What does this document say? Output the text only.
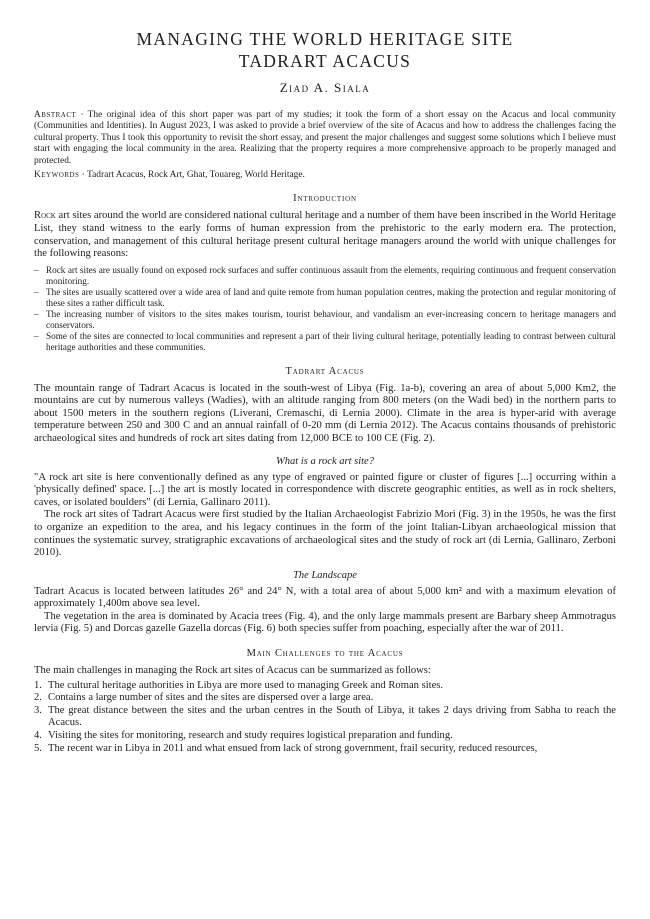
MANAGING THE WORLD HERITAGE SITE
TADRART ACACUS
Ziad A. Siala

Abstract · The original idea of this short paper was part of my studies; it took the form of a short essay on the Acacus and local community (Communities and Identities). In August 2023, I was asked to provide a brief overview of the site of Acacus and how to address the challenges facing the cultural property. Thus I took this opportunity to revisit the short essay, and present the major challenges and suggest some solutions which I believe must start with engaging the local community in the area. Realizing that the property requires a more comprehensive approach to be properly managed and protected.

Keywords · Tadrart Acacus, Rock Art, Ghat, Touareg, World Heritage.

Introduction

Rock art sites around the world are considered national cultural heritage and a number of them have been inscribed in the World Heritage List, they stand witness to the early forms of human expression from the prehistoric to the early modern era. The protection, conservation, and management of this cultural heritage present cultural heritage managers around the world with unique challenges for the following reasons:

– Rock art sites are usually found on exposed rock surfaces and suffer continuous assault from the elements, requiring continuous and frequent conservation monitoring.
– The sites are usually scattered over a wide area of land and quite remote from human population centres, making the protection and regular monitoring of these sites a rather difficult task.
– The increasing number of visitors to the sites makes tourism, tourist behaviour, and vandalism an ever-increasing concern to heritage managers and conservators.
– Some of the sites are connected to local communities and represent a part of their living cultural heritage, potentially leading to contrast between cultural heritage authorities and these communities.
Tadrart Acacus

The mountain range of Tadrart Acacus is located in the south-west of Libya (Fig. 1a-b), covering an area of about 5,000 Km2, the mountains are cut by numerous valleys (Wadies), with an altitude ranging from 800 meters (on the Wadi bed) in the northern parts to about 1500 meters in the southern regions (Liverani, Cremaschi, di Lernia 2000). Climate in the area is hyper-arid with average temperature between 250 and 300 C and an annual rainfall of 0-20 mm (di Lernia 2012). The Acacus contains thousands of prehistoric archaeological sites and hundreds of rock art sites dating from 12,000 BCE to 100 CE (Fig. 2).

What is a rock art site?

"A rock art site is here conventionally defined as any type of engraved or painted figure or cluster of figures [...] occurring within a 'physically defined' space. [...] the art is mostly located in correspondence with discrete geographic entities, as well as in rock shelters, caves, or isolated boulders" (di Lernia, Gallinaro 2011).

The rock art sites of Tadrart Acacus were first studied by the Italian Archaeologist Fabrizio Mori (Fig. 3) in the 1950s, he was the first to organize an expedition to the area, and his legacy continues in the form of the joint Italian-Libyan archaeological mission that continues the systematic survey, stratigraphic excavations of archaeological sites and the study of rock art (di Lernia, Gallinaro, Zerboni 2010).

The Landscape

Tadrart Acacus is located between latitudes 26° and 24° N, with a total area of about 5,000 km² and with a maximum elevation of approximately 1,400m above sea level.

The vegetation in the area is dominated by Acacia trees (Fig. 4), and the only large mammals present are Barbary sheep Ammotragus lervia (Fig. 5) and Dorcas gazelle Gazella dorcas (Fig. 6) both species suffer from poaching, especially after the war of 2011.

Main Challenges to the Acacus

The main challenges in managing the Rock art sites of Acacus can be summarized as follows:

1. The cultural heritage authorities in Libya are more used to managing Greek and Roman sites.
2. Contains a large number of sites and the sites are dispersed over a large area.
3. The great distance between the sites and the urban centres in the South of Libya, it takes 2 days driving from Sabha to reach the Acacus.
4. Visiting the sites for monitoring, research and study requires logistical preparation and funding.
5. The recent war in Libya in 2011 and what ensued from lack of strong government, frail security, reduced resources,
